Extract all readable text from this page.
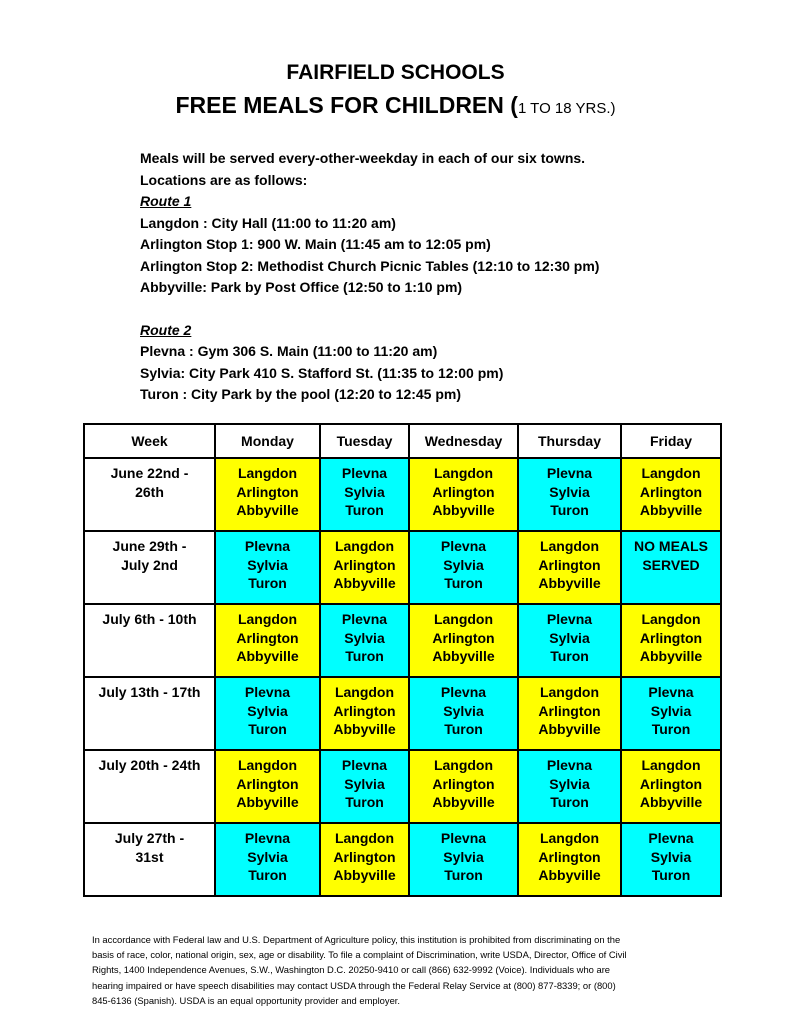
FAIRFIELD SCHOOLS
FREE MEALS FOR CHILDREN (1 TO 18 YRS.)
Meals will be served every-other-weekday in each of our six towns.
Locations are as follows:
Route 1
Langdon : City Hall (11:00 to 11:20 am)
Arlington Stop 1: 900 W. Main (11:45 am to 12:05 pm)
Arlington Stop 2: Methodist Church Picnic Tables (12:10 to 12:30 pm)
Abbyville: Park by Post Office (12:50 to 1:10 pm)
Route 2
Plevna : Gym 306 S. Main (11:00 to 11:20 am)
Sylvia: City Park 410 S. Stafford St. (11:35 to 12:00 pm)
Turon : City Park by the pool (12:20 to 12:45 pm)
Week	Monday	Tuesday	Wednesday	Thursday	Friday

June 22nd -
26th	Langdon
Arlington
Abbyville	Plevna
Sylvia
Turon	Langdon
Arlington
Abbyville	Plevna
Sylvia
Turon	Langdon
Arlington
Abbyville

June 29th -
July 2nd	Plevna
Sylvia
Turon	Langdon
Arlington
Abbyville	Plevna
Sylvia
Turon	Langdon
Arlington
Abbyville	NO MEALS
SERVED

July 6th - 10th	Langdon
Arlington
Abbyville	Plevna
Sylvia
Turon	Langdon
Arlington
Abbyville	Plevna
Sylvia
Turon	Langdon
Arlington
Abbyville

July 13th - 17th	Plevna
Sylvia
Turon	Langdon
Arlington
Abbyville	Plevna
Sylvia
Turon	Langdon
Arlington
Abbyville	Plevna
Sylvia
Turon

July 20th - 24th	Langdon
Arlington
Abbyville	Plevna
Sylvia
Turon	Langdon
Arlington
Abbyville	Plevna
Sylvia
Turon	Langdon
Arlington
Abbyville

July 27th -
31st	Plevna
Sylvia
Turon	Langdon
Arlington
Abbyville	Plevna
Sylvia
Turon	Langdon
Arlington
Abbyville	Plevna
Sylvia
Turon
In accordance with Federal law and U.S. Department of Agriculture policy, this institution is prohibited from discriminating on the
basis of race, color, national origin, sex, age or disability. To file a complaint of Discrimination, write USDA, Director, Office of Civil
Rights, 1400 Independence Avenues, S.W., Washington D.C. 20250-9410 or call (866) 632-9992 (Voice). Individuals who are
hearing impaired or have speech disabilities may contact USDA through the Federal Relay Service at (800) 877-8339; or (800)
845-6136 (Spanish). USDA is an equal opportunity provider and employer.
